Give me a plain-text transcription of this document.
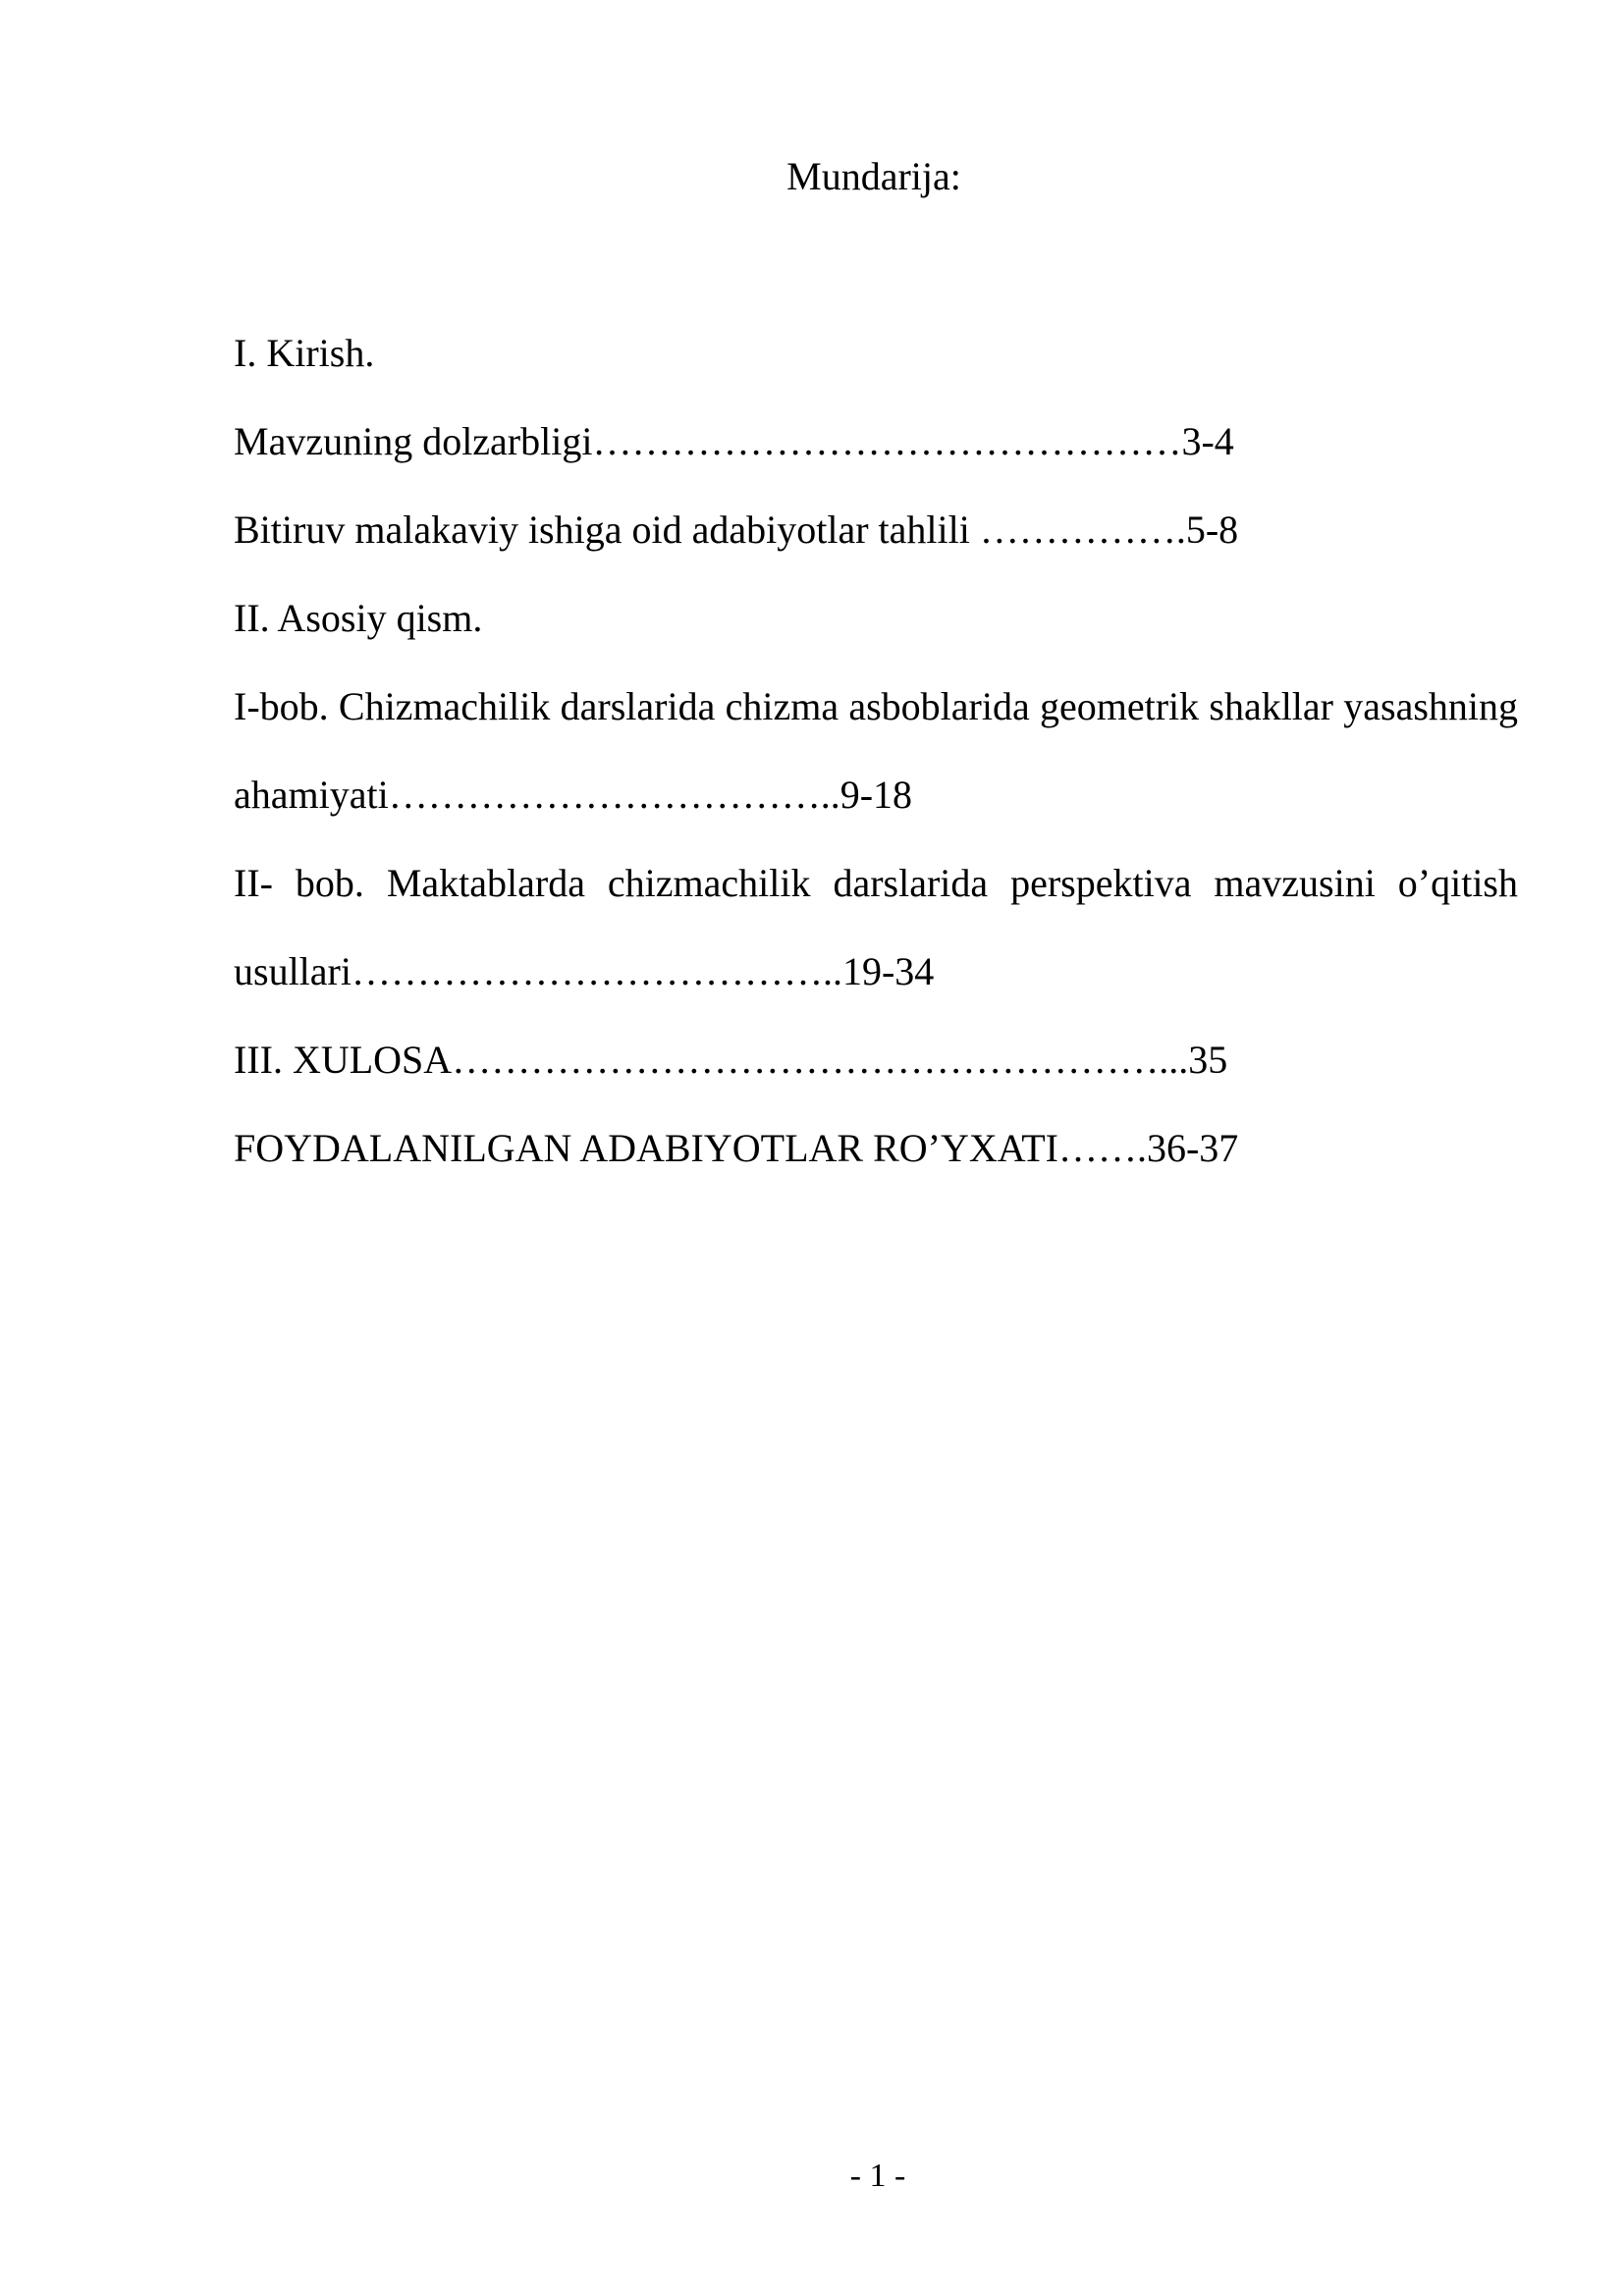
Mundarija:
I. Kirish.
Mavzuning dolzarbligi………………………………………3-4
Bitiruv malakaviy ishiga oid adabiyotlar tahlili …………….5-8
II. Asosiy qism.
I-bob. Chizmachilik darslarida chizma asboblarida geometrik shakllar yasashning
ahamiyati……………………………..9-18
II- bob. Maktablarda chizmachilik darslarida perspektiva mavzusini o’qitish
usullari………………………………..19-34
III. XULOSA………………………………………………...35
FOYDALANILGAN ADABIYOTLAR RO’YXATI…….36-37
- 1 -
